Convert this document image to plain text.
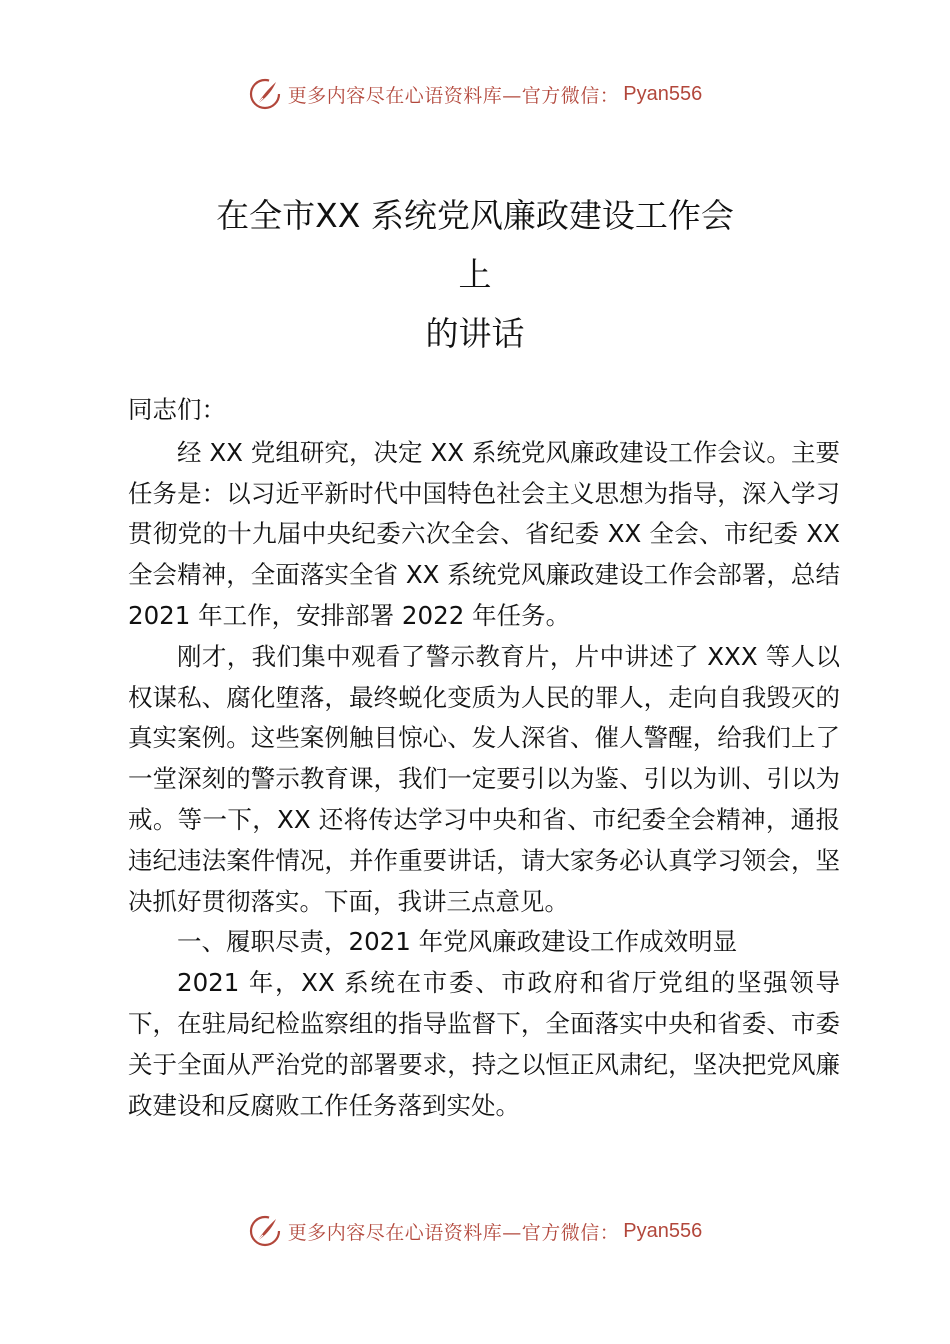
更多内容尽在心语资料库—官方微信： Pyan556
在全市XX 系统党风廉政建设工作会
上
的讲话

同志们：

经 XX 党组研究，决定 XX 系统党风廉政建设工作会议。主要任务是：以习近平新时代中国特色社会主义思想为指导，深入学习贯彻党的十九届中央纪委六次全会、省纪委 XX 全会、市纪委 XX 全会精神，全面落实全省 XX 系统党风廉政建设工作会部署，总结 2021 年工作，安排部署 2022 年任务。

刚才，我们集中观看了警示教育片，片中讲述了 XXX 等人以权谋私、腐化堕落，最终蜕化变质为人民的罪人，走向自我毁灭的真实案例。这些案例触目惊心、发人深省、催人警醒，给我们上了一堂深刻的警示教育课，我们一定要引以为鉴、引以为训、引以为戒。等一下，XX 还将传达学习中央和省、市纪委全会精神，通报违纪违法案件情况，并作重要讲话，请大家务必认真学习领会，坚决抓好贯彻落实。下面，我讲三点意见。

一、履职尽责，2021 年党风廉政建设工作成效明显

2021 年，XX 系统在市委、市政府和省厅党组的坚强领导下，在驻局纪检监察组的指导监督下，全面落实中央和省委、市委关于全面从严治党的部署要求，持之以恒正风肃纪，坚决把党风廉政建设和反腐败工作任务落到实处。

更多内容尽在心语资料库—官方微信： Pyan556
